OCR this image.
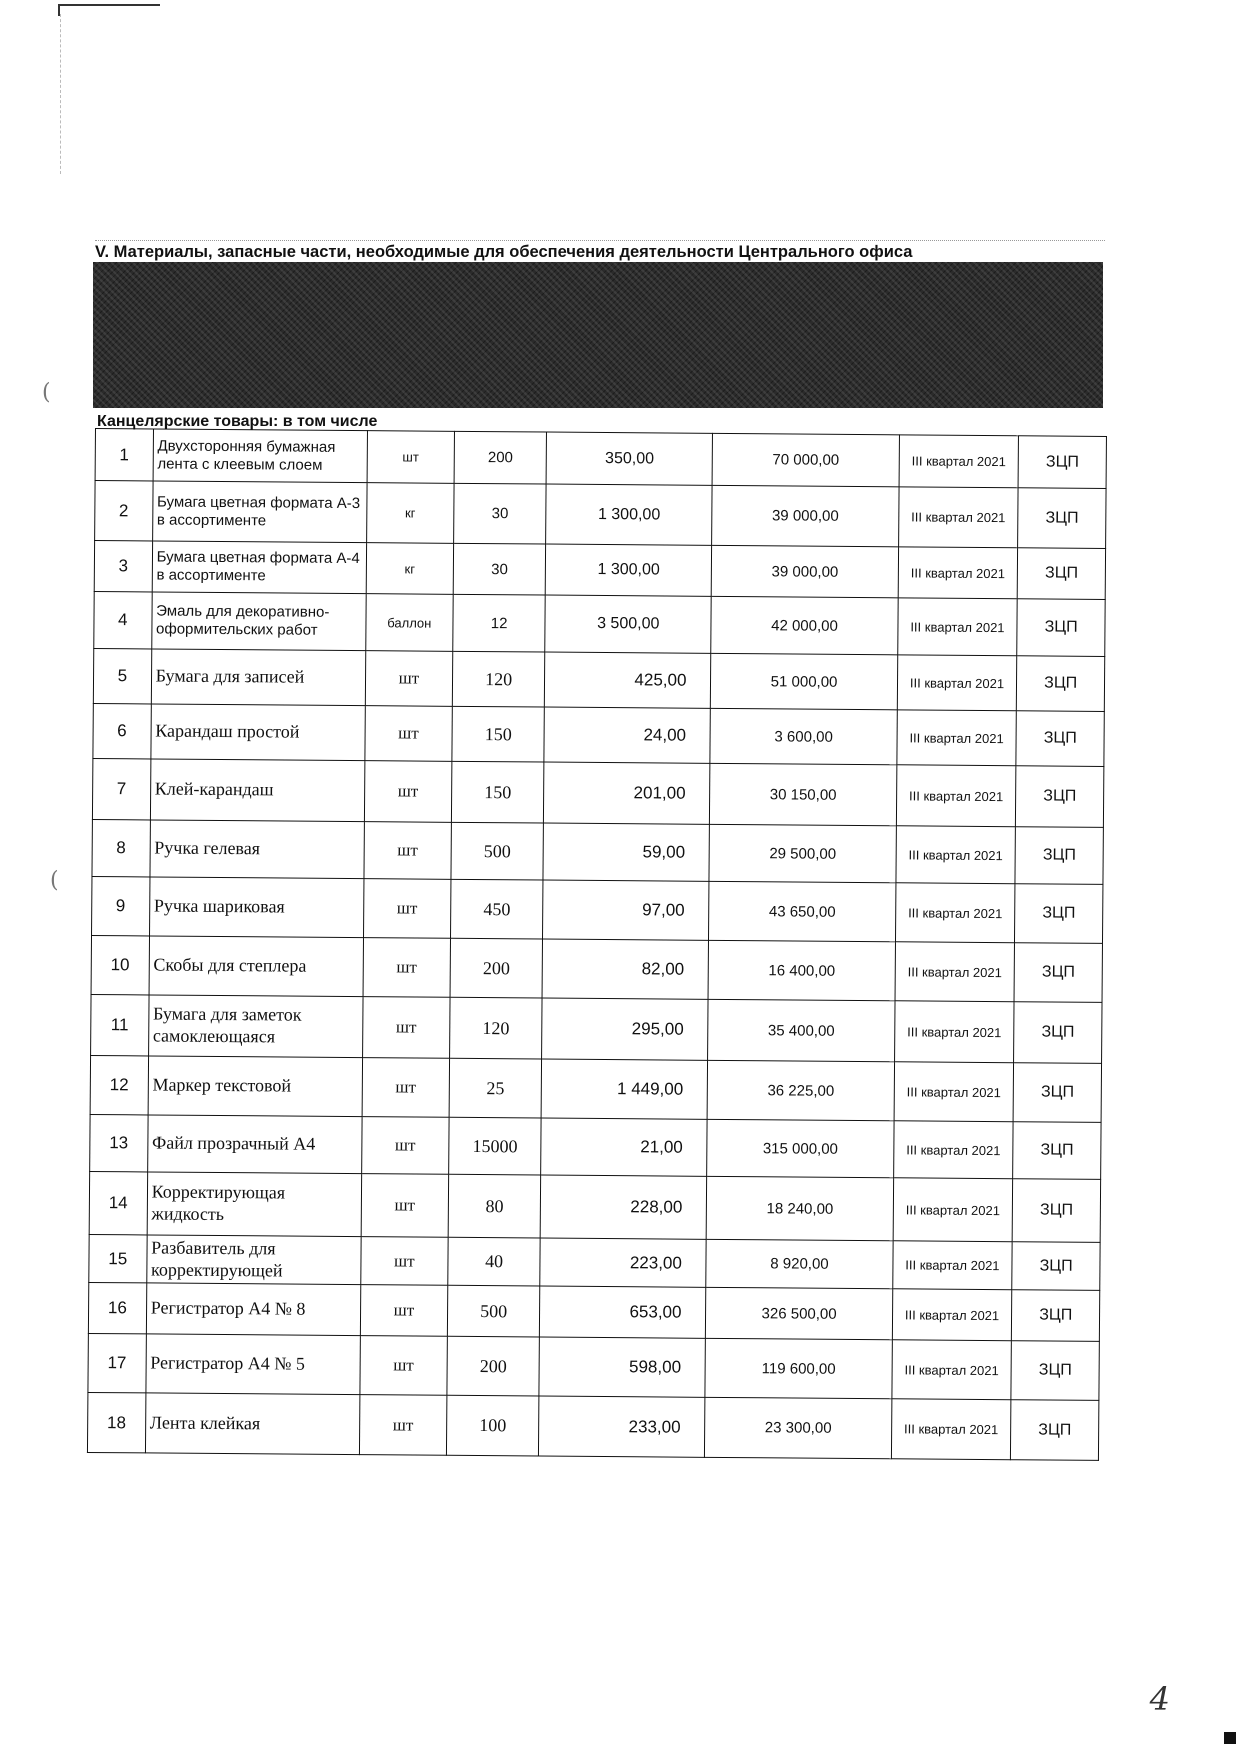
V. Материалы, запасные части, необходимые для обеспечения деятельности Центрального офиса
Канцелярские товары: в том числе
1	Двухсторонняя бумажная лента с клеевым слоем	шт	200	350,00	70 000,00	III квартал 2021	ЗЦП
2	Бумага цветная формата А-3 в ассортименте	кг	30	1 300,00	39 000,00	III квартал 2021	ЗЦП
3	Бумага цветная формата А-4 в ассортименте	кг	30	1 300,00	39 000,00	III квартал 2021	ЗЦП
4	Эмаль для декоративно-оформительских работ	баллон	12	3 500,00	42 000,00	III квартал 2021	ЗЦП
5	Бумага для записей	шт	120	425,00	51 000,00	III квартал 2021	ЗЦП
6	Карандаш простой	шт	150	24,00	3 600,00	III квартал 2021	ЗЦП
7	Клей-карандаш	шт	150	201,00	30 150,00	III квартал 2021	ЗЦП
8	Ручка гелевая	шт	500	59,00	29 500,00	III квартал 2021	ЗЦП
9	Ручка шариковая	шт	450	97,00	43 650,00	III квартал 2021	ЗЦП
10	Скобы для степлера	шт	200	82,00	16 400,00	III квартал 2021	ЗЦП
11	Бумага для заметок самоклеющаяся	шт	120	295,00	35 400,00	III квартал 2021	ЗЦП
12	Маркер текстовой	шт	25	1 449,00	36 225,00	III квартал 2021	ЗЦП
13	Файл прозрачный А4	шт	15000	21,00	315 000,00	III квартал 2021	ЗЦП
14	Корректирующая жидкость	шт	80	228,00	18 240,00	III квартал 2021	ЗЦП
15	Разбавитель для корректирующей	шт	40	223,00	8 920,00	III квартал 2021	ЗЦП
16	Регистратор А4 № 8	шт	500	653,00	326 500,00	III квартал 2021	ЗЦП
17	Регистратор А4 № 5	шт	200	598,00	119 600,00	III квартал 2021	ЗЦП
18	Лента клейкая	шт	100	233,00	23 300,00	III квартал 2021	ЗЦП
(
(
4
